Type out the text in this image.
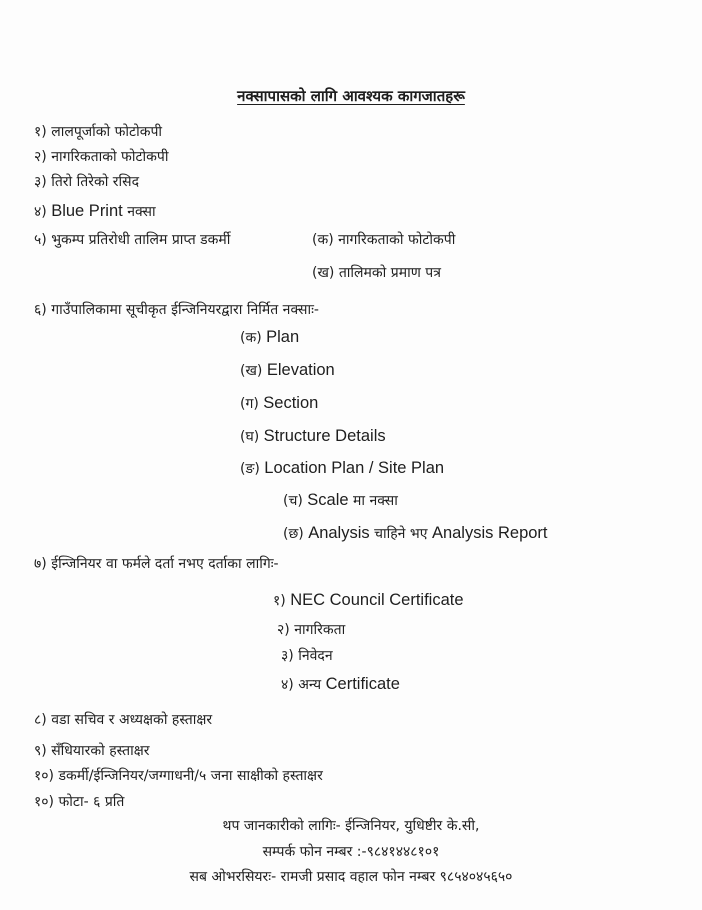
नक्सापासको लागि आवश्यक कागजातहरू
१) लालपूर्जाको फोटोकपी
२) नागरिकताको फोटोकपी
३) तिरो तिरेको रसिद
४) Blue Print नक्सा
५) भुकम्प प्रतिरोधी तालिम प्राप्त डकर्मी	(क) नागरिकताको फोटोकपी
(ख) तालिमको प्रमाण पत्र
६) गाउँपालिकामा सूचीकृत ईन्जिनियरद्वारा निर्मित नक्साः-
(क) Plan
(ख) Elevation
(ग) Section
(घ) Structure Details
(ङ) Location Plan / Site Plan
(च) Scale मा नक्सा
(छ) Analysis चाहिने भए Analysis Report
७) ईन्जिनियर वा फर्मले दर्ता नभए दर्ताका लागिः-
१) NEC Council Certificate
२) नागरिकता
३) निवेदन
४) अन्य Certificate
८) वडा सचिव र अध्यक्षको हस्ताक्षर
९) सँधियारको हस्ताक्षर
१०) डकर्मी/ईन्जिनियर/जग्गाधनी/५ जना साक्षीको हस्ताक्षर
१०) फोटा- ६ प्रति
थप जानकारीको लागिः- ईन्जिनियर, युधिष्टीर के.सी,
सम्पर्क फोन नम्बर :-९८४१४४८१०१
सब ओभरसियरः- रामजी प्रसाद वहाल फोन नम्बर ९८५४०४५६५०
